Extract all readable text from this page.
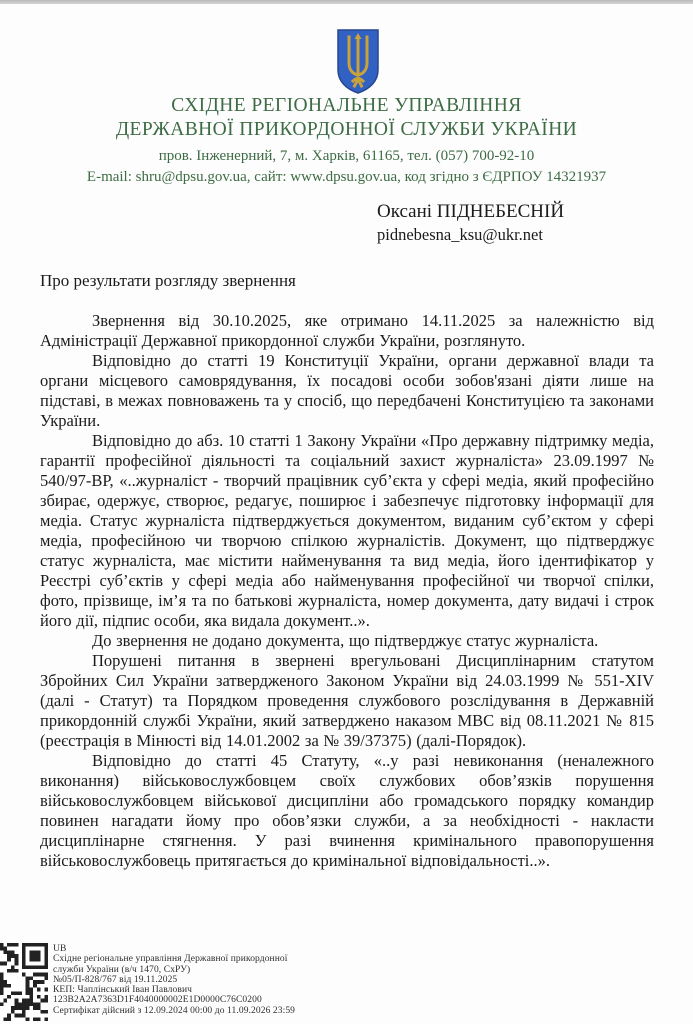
СХІДНЕ РЕГІОНАЛЬНЕ УПРАВЛІННЯ
ДЕРЖАВНОЇ ПРИКОРДОННОЇ СЛУЖБИ УКРАЇНИ
пров. Інженерний, 7, м. Харків, 61165, тел. (057) 700-92-10
E-mail: shru@dpsu.gov.ua, сайт: www.dpsu.gov.ua, код згідно з ЄДРПОУ 14321937
Оксані ПІДНЕБЕСНІЙ
pidnebesna_ksu@ukr.net
Про результати розгляду звернення

Звернення від 30.10.2025, яке отримано 14.11.2025 за належністю від Адміністрації Державної прикордонної служби України, розглянуто.

Відповідно до статті 19 Конституції України, органи державної влади та органи місцевого самоврядування, їх посадові особи зобов'язані діяти лише на підставі, в межах повноважень та у спосіб, що передбачені Конституцією та законами України.

Відповідно до абз. 10 статті 1 Закону України «Про державну підтримку медіа, гарантії професійної діяльності та соціальний захист журналіста» 23.09.1997 № 540/97-ВР, «..журналіст - творчий працівник суб’єкта у сфері медіа, який професійно збирає, одержує, створює, редагує, поширює і забезпечує підготовку інформації для медіа. Статус журналіста підтверджується документом, виданим суб’єктом у сфері медіа, професійною чи творчою спілкою журналістів. Документ, що підтверджує статус журналіста, має містити найменування та вид медіа, його ідентифікатор у Реєстрі суб’єктів у сфері медіа або найменування професійної чи творчої спілки, фото, прізвище, ім’я та по батькові журналіста, номер документа, дату видачі і строк його дії, підпис особи, яка видала документ..».

До звернення не додано документа, що підтверджує статус журналіста.

Порушені питання в звернені врегульовані Дисциплінарним статутом Збройних Сил України затвердженого Законом України від 24.03.1999 № 551-XIV (далі - Статут) та Порядком проведення службового розслідування в Державній прикордонній службі України, який затверджено наказом МВС від 08.11.2021 № 815 (реєстрація в Мінюсті від 14.01.2002 за № 39/37375) (далі-Порядок).

Відповідно до статті 45 Статуту, «..у разі невиконання (неналежного виконання) військовослужбовцем своїх службових обов’язків порушення військовослужбовцем військової дисципліни або громадського порядку командир повинен нагадати йому про обов’язки служби, а за необхідності - накласти дисциплінарне стягнення. У разі вчинення кримінального правопорушення військовослужбовець притягається до кримінальної відповідальності..».

UB
Східне регіональне управління Державної прикордонної
служби України (в/ч 1470, СхРУ)
№05/П-828/767 від 19.11.2025
КЕП: Чаплінський Іван Павлович
123B2A2A7363D1F4040000002E1D0000C76C0200
Сертифікат дійсний з 12.09.2024 00:00 до 11.09.2026 23:59
